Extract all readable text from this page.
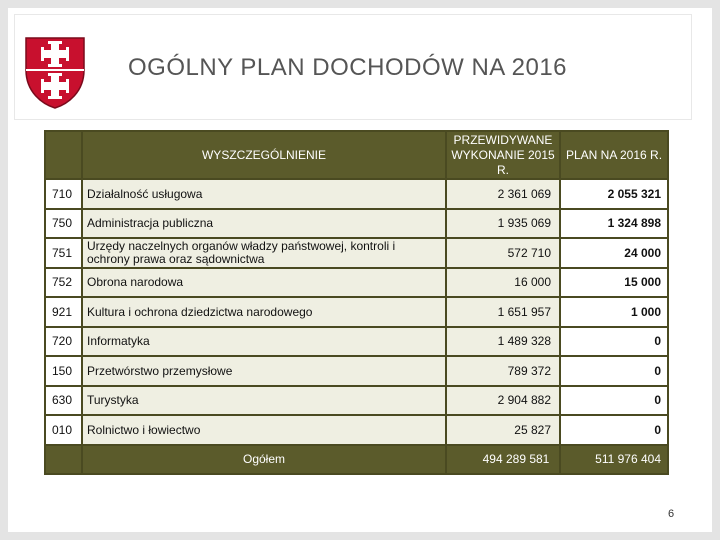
OGÓLNY PLAN DOCHODÓW NA 2016
	WYSZCZEGÓLNIENIE	PRZEWIDYWANE WYKONANIE 2015 R.	PLAN NA 2016 R.
710	Działalność usługowa	2 361 069	2 055 321
750	Administracja publiczna	1 935 069	1 324 898
751	Urzędy naczelnych organów władzy państwowej, kontroli i ochrony prawa oraz sądownictwa	572 710	24 000
752	Obrona narodowa	16 000	15 000
921	Kultura i ochrona dziedzictwa narodowego	1 651 957	1 000
720	Informatyka	1 489 328	0
150	Przetwórstwo przemysłowe	789 372	0
630	Turystyka	2 904 882	0
010	Rolnictwo i łowiectwo	25 827	0
	Ogółem	494 289 581	511 976 404
6
